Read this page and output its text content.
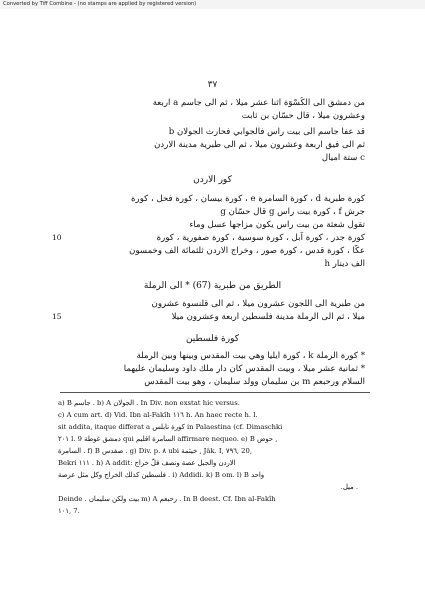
Converted by Tiff Combine - (no stamps are applied by registered version)
٣٧
من دمشق الى الكُسْوَة اثنا عشر ميلا ، ثم الى جاسم a اربعة
وعشرون ميلا ، قال حسّان بن ثابت
قد عفا جاسم الى بيت راس فالجوابي فحارث الجولان b
ثم الى فيق اربعة وعشرون ميلا ، ثم الى طبرية مدينة الاردن
c ستة اميال
كور الاردن
كورة طبرية d ، كورة السامرة e ، كورة بيسان ، كورة فحل ، كورة
جرش f ، كورة بيت راس g قال حسّان g
تقول شعثة من بيت راس يكون مزاجها عسل وماء
10	كورة جدر ، كورة آبل ، كورة سوسية ، كورة صفورية ، كورة
عكّا ، كورة قدس ، كورة صور ، وخراج الاردن ثلثمائة الف وخمسون
الف دينار h
الطريق من طبرية (67) * الى الرملة
من طبرية الى اللجون عشرون ميلا ، ثم الى قلنسوة عشرون
15	ميلا ، ثم الى الرملة مدينة فلسطين اربعة وعشرون ميلا
كورة فلسطين
* كورة الرملة k ، كورة ايليا وهي بيت المقدس وبينها وبين الرملة
* ثمانية عشر ميلا ، وبيت المقدس كان دار ملك داود وسليمان عليهما
السلام ورحبعم m بن سليمان وولد سليمان ، وهو بيت المقدس
a) B جاسم . b) A الجولان . In Div. non exstat hic versus.
c) A cum art. d) Vid. Ibn al-Fakîh ١١٦ h. An haec recte h. l.
sit addita, itaque differat a كورة نابلس in Palaestina (cf. Dimaschki
٢٠١ l. 9 دمشق غوطة qui السامرة اقليم affirmare nequeo. e) B حوض ,
السامرة . f) B صفدس . g) Div. p. ٨ ubi خيثمة , Jâk. I, ٧٩٦, 20,
Bekri ١١١ . h) A addit: الاردن والجبل عصة ونصف قلّ خراج
فلسطين كذلك الخراج وكل مثل عرصة . i) Addidi. k) B om. l) B واحد
.ميل .
Deinde . بيت ولكن سليمان m) A رحبعم . In B deest. Cf. Ibn al-Fakîh
١٠١, 7.
